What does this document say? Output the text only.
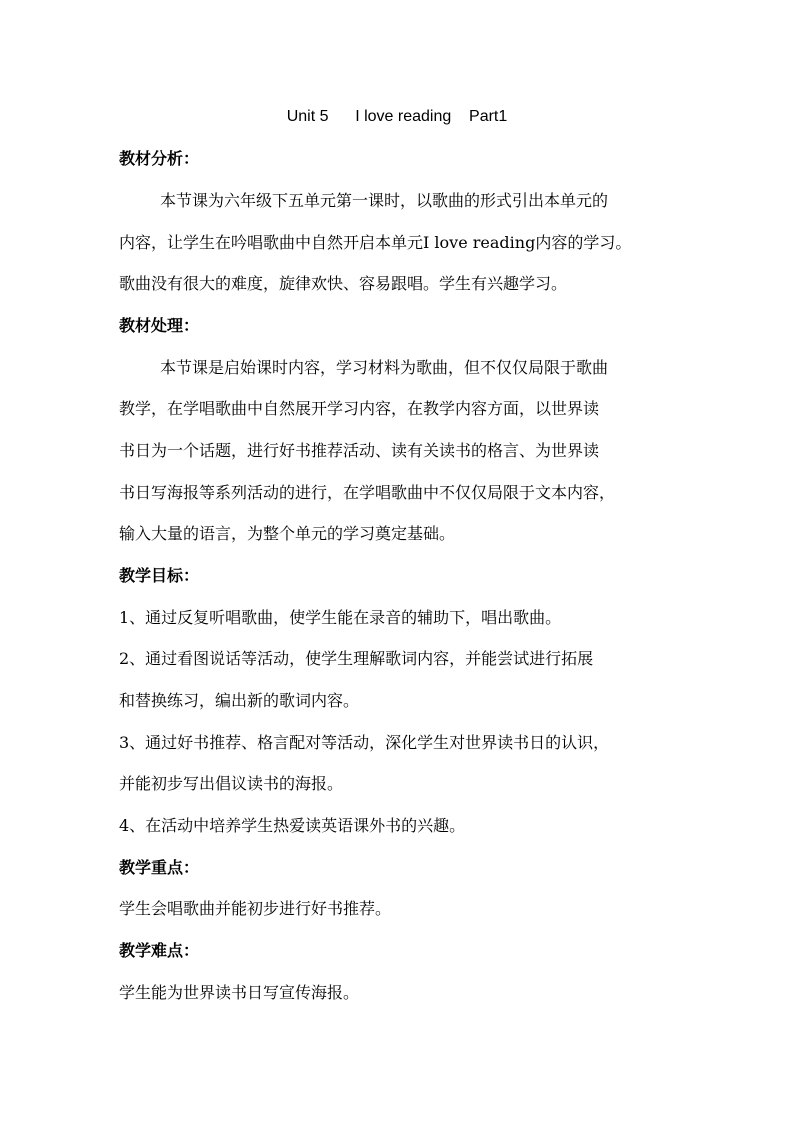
Unit 5      I love reading    Part1
教材分析：
本节课为六年级下五单元第一课时，以歌曲的形式引出本单元的
内容，让学生在吟唱歌曲中自然开启本单元I love reading内容的学习。
歌曲没有很大的难度，旋律欢快、容易跟唱。学生有兴趣学习。
教材处理：
本节课是启始课时内容，学习材料为歌曲，但不仅仅局限于歌曲
教学，在学唱歌曲中自然展开学习内容，在教学内容方面，以世界读
书日为一个话题，进行好书推荐活动、读有关读书的格言、为世界读
书日写海报等系列活动的进行，在学唱歌曲中不仅仅局限于文本内容，
输入大量的语言，为整个单元的学习奠定基础。
教学目标：
1、通过反复听唱歌曲，使学生能在录音的辅助下，唱出歌曲。
2、通过看图说话等活动，使学生理解歌词内容，并能尝试进行拓展
和替换练习，编出新的歌词内容。
3、通过好书推荐、格言配对等活动，深化学生对世界读书日的认识，
并能初步写出倡议读书的海报。
4、在活动中培养学生热爱读英语课外书的兴趣。
教学重点：
学生会唱歌曲并能初步进行好书推荐。
教学难点：
学生能为世界读书日写宣传海报。
